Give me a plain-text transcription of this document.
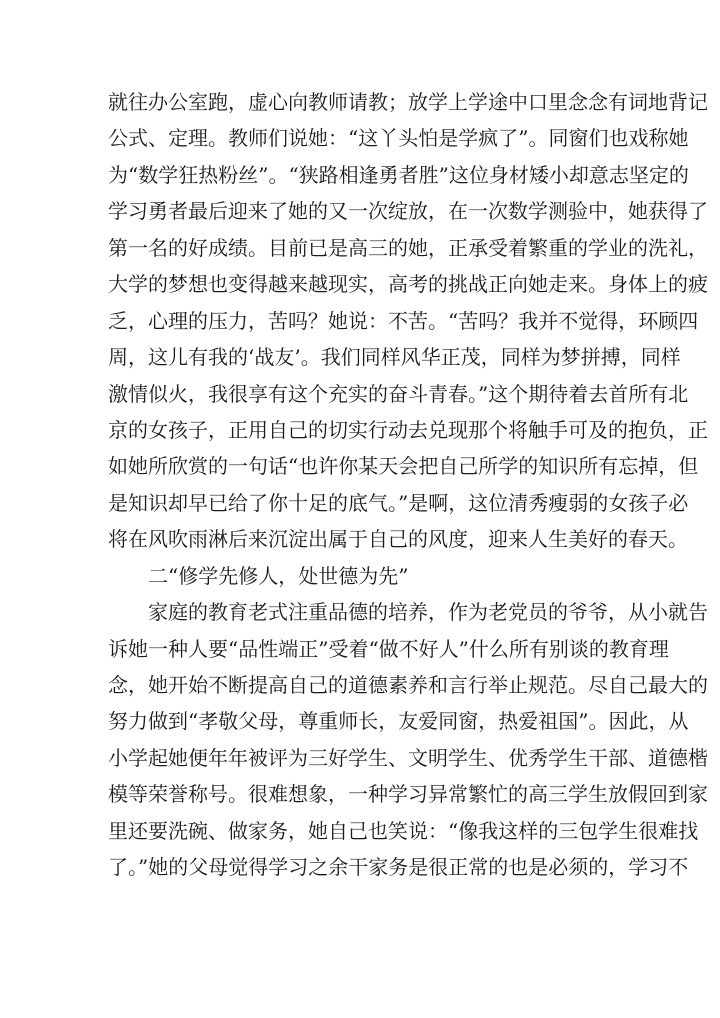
就往办公室跑，虚心向教师请教；放学上学途中口里念念有词地背记
公式、定理。教师们说她：“这丫头怕是学疯了”。同窗们也戏称她
为“数学狂热粉丝”。“狭路相逢勇者胜”这位身材矮小却意志坚定的
学习勇者最后迎来了她的又一次绽放，在一次数学测验中，她获得了
第一名的好成绩。目前已是高三的她，正承受着繁重的学业的洗礼，
大学的梦想也变得越来越现实，高考的挑战正向她走来。身体上的疲
乏，心理的压力，苦吗？她说：不苦。“苦吗？我并不觉得，环顾四
周，这儿有我的‘战友’。我们同样风华正茂，同样为梦拼搏，同样
激情似火，我很享有这个充实的奋斗青春。”这个期待着去首所有北
京的女孩子，正用自己的切实行动去兑现那个将触手可及的抱负，正
如她所欣赏的一句话“也许你某天会把自己所学的知识所有忘掉，但
是知识却早已给了你十足的底气。”是啊，这位清秀瘦弱的女孩子必
将在风吹雨淋后来沉淀出属于自己的风度，迎来人生美好的春天。
二“修学先修人，处世德为先”
家庭的教育老式注重品德的培养，作为老党员的爷爷，从小就告
诉她一种人要“品性端正”受着“做不好人”什么所有别谈的教育理
念，她开始不断提高自己的道德素养和言行举止规范。尽自己最大的
努力做到“孝敬父母，尊重师长，友爱同窗，热爱祖国”。因此，从
小学起她便年年被评为三好学生、文明学生、优秀学生干部、道德楷
模等荣誉称号。很难想象，一种学习异常繁忙的高三学生放假回到家
里还要洗碗、做家务，她自己也笑说：“像我这样的三包学生很难找
了。”她的父母觉得学习之余干家务是很正常的也是必须的，学习不
